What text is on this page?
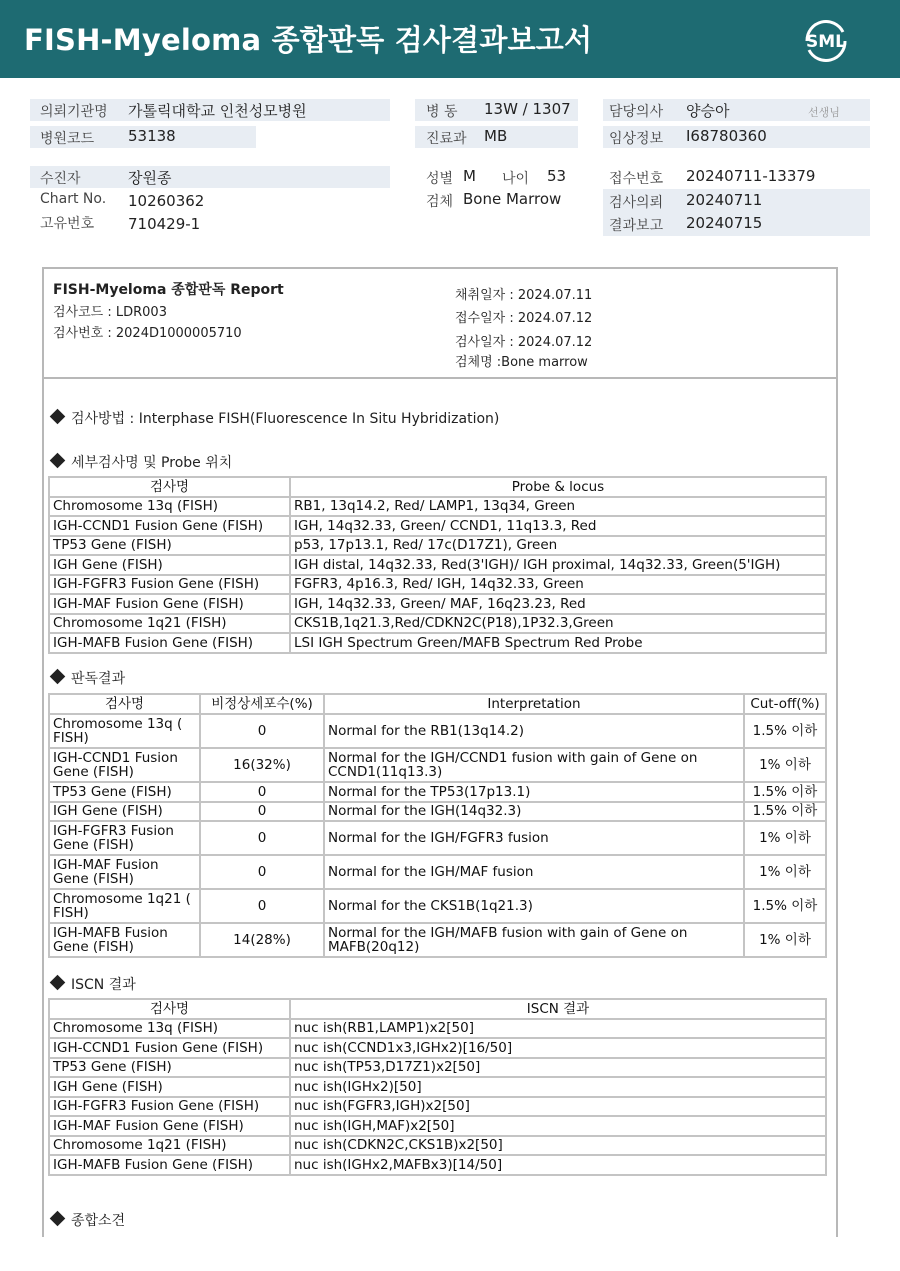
FISH-Myeloma 종합판독 검사결과보고서	SML
의뢰기관명 가톨릭대학교 인천성모병원	병 동 13W / 1307	담당의사 양승아	선생님
병원코드 53138	진료과 MB	임상정보 I68780360
수진자	장원종	성별 M 나이 53	접수번호 20240711-13379
Chart No. 10260362	검체 Bone Marrow	검사의뢰 20240711
고유번호 710429-1	결과보고 20240715
FISH-Myeloma 종합판독 Report
검사코드 : LDR003
검사번호 : 2024D1000005710
채취일자 : 2024.07.11
접수일자 : 2024.07.12
검사일자 : 2024.07.12
검체명 :Bone marrow
검사방법 : Interphase FISH(Fluorescence In Situ Hybridization)
세부검사명 및 Probe 위치
검사명	Probe & locus
Chromosome 13q (FISH)	RB1, 13q14.2, Red/ LAMP1, 13q34, Green
IGH-CCND1 Fusion Gene (FISH)	IGH, 14q32.33, Green/ CCND1, 11q13.3, Red
TP53 Gene (FISH)	p53, 17p13.1, Red/ 17c(D17Z1), Green
IGH Gene (FISH)	IGH distal, 14q32.33, Red(3'IGH)/ IGH proximal, 14q32.33, Green(5'IGH)
IGH-FGFR3 Fusion Gene (FISH)	FGFR3, 4p16.3, Red/ IGH, 14q32.33, Green
IGH-MAF Fusion Gene (FISH)	IGH, 14q32.33, Green/ MAF, 16q23.23, Red
Chromosome 1q21 (FISH)	CKS1B,1q21.3,Red/CDKN2C(P18),1P32.3,Green
IGH-MAFB Fusion Gene (FISH)	LSI IGH Spectrum Green/MAFB Spectrum Red Probe
판독결과
검사명	비정상세포수(%)	Interpretation	Cut-off(%)
Chromosome 13q ( FISH)	0	Normal for the RB1(13q14.2)	1.5% 이하
IGH-CCND1 Fusion Gene (FISH)	16(32%)	Normal for the IGH/CCND1 fusion with gain of Gene on CCND1(11q13.3)	1% 이하
TP53 Gene (FISH)	0	Normal for the TP53(17p13.1)	1.5% 이하
IGH Gene (FISH)	0	Normal for the IGH(14q32.3)	1.5% 이하
IGH-FGFR3 Fusion Gene (FISH)	0	Normal for the IGH/FGFR3 fusion	1% 이하
IGH-MAF Fusion Gene (FISH)	0	Normal for the IGH/MAF fusion	1% 이하
Chromosome 1q21 ( FISH)	0	Normal for the CKS1B(1q21.3)	1.5% 이하
IGH-MAFB Fusion Gene (FISH)	14(28%)	Normal for the IGH/MAFB fusion with gain of Gene on MAFB(20q12)	1% 이하
ISCN 결과
검사명	ISCN 결과
Chromosome 13q (FISH)	nuc ish(RB1,LAMP1)x2[50]
IGH-CCND1 Fusion Gene (FISH)	nuc ish(CCND1x3,IGHx2)[16/50]
TP53 Gene (FISH)	nuc ish(TP53,D17Z1)x2[50]
IGH Gene (FISH)	nuc ish(IGHx2)[50]
IGH-FGFR3 Fusion Gene (FISH)	nuc ish(FGFR3,IGH)x2[50]
IGH-MAF Fusion Gene (FISH)	nuc ish(IGH,MAF)x2[50]
Chromosome 1q21 (FISH)	nuc ish(CDKN2C,CKS1B)x2[50]
IGH-MAFB Fusion Gene (FISH)	nuc ish(IGHx2,MAFBx3)[14/50]
종합소견
